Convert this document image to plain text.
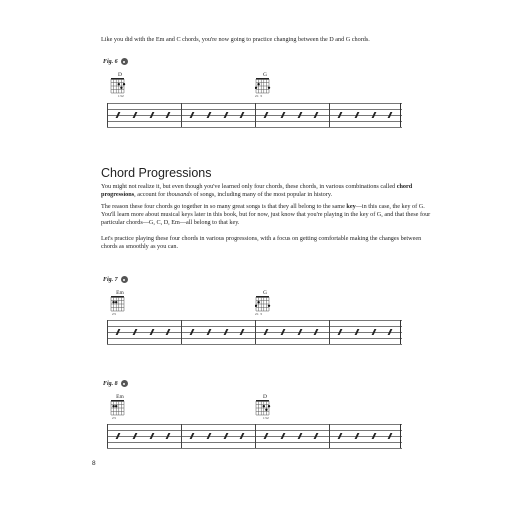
Like you did with the Em and C chords, you're now going to practice changing between the D and G chords.

Fig. 6
D
132
G
21 3
Chord Progressions

You might not realize it, but even though you've learned only four chords, these chords, in various combinations called chord progressions, account for thousands of songs, including many of the most popular in history.

The reason these four chords go together in so many great songs is that they all belong to the same key—in this case, the key of G. You'll learn more about musical keys later in this book, but for now, just know that you're playing in the key of G, and that these four particular chords—G, C, D, Em—all belong to that key.

Let's practice playing these four chords in various progressions, with a focus on getting comfortable making the changes between chords as smoothly as you can.

Fig. 7
Em
23
G
21 3
Fig. 8
Em
23
D
132
8
